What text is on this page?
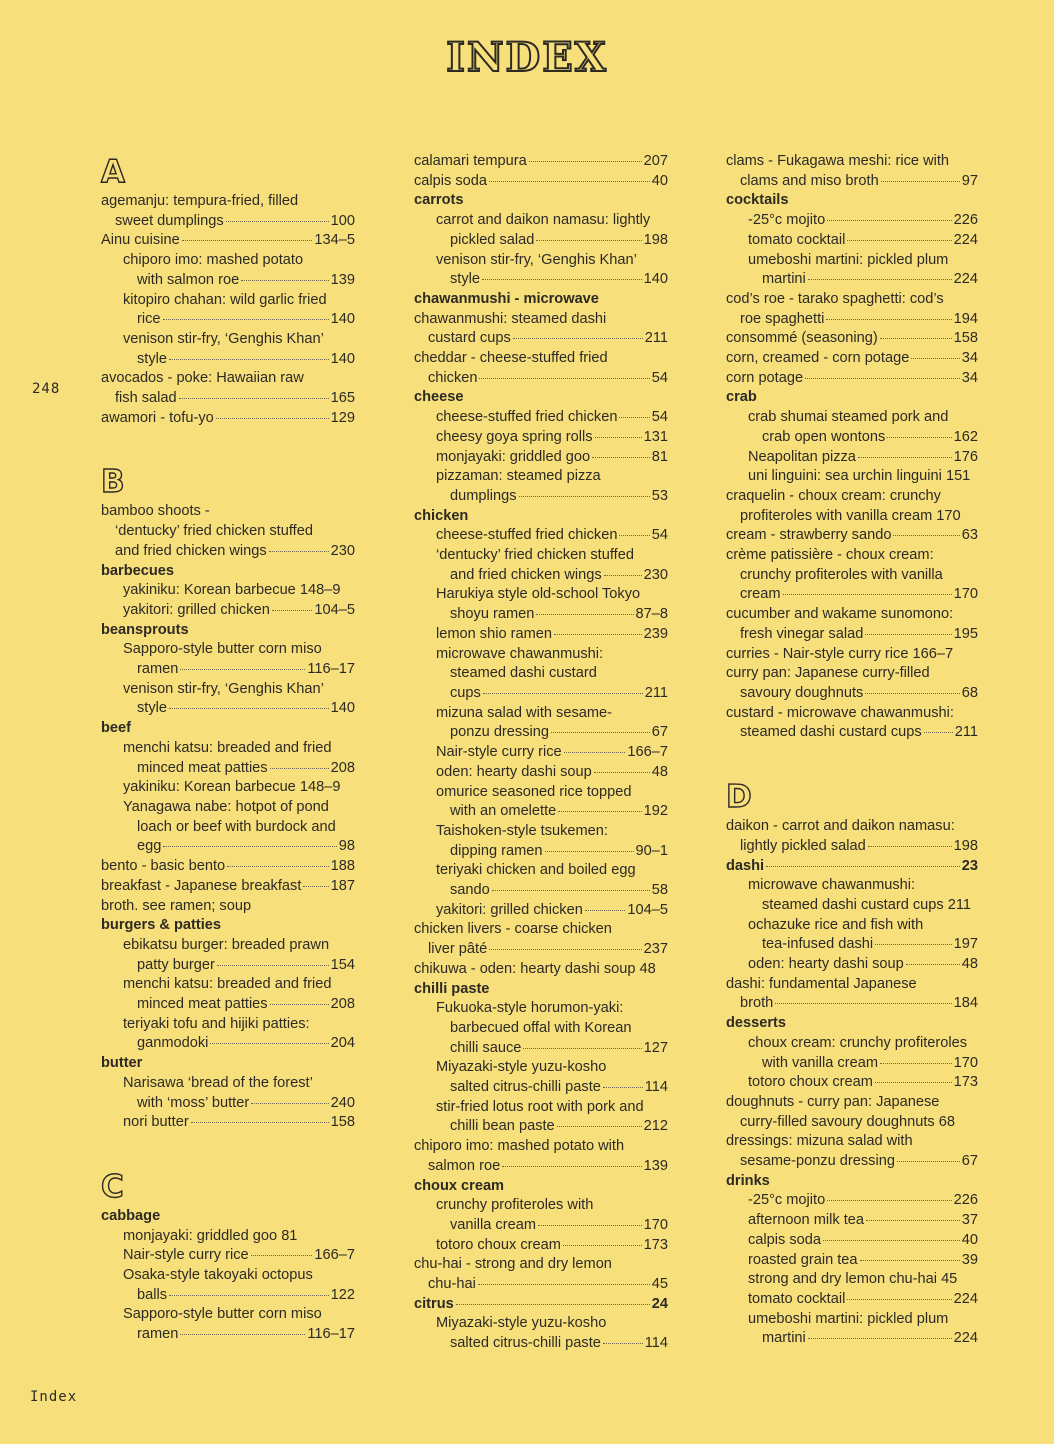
INDEX
248
Index
A
agemanju: tempura-fried, filled
sweet dumplings	100
Ainu cuisine	134–5
chiporo imo: mashed potato
with salmon roe	139
kitopiro chahan: wild garlic fried
rice	140
venison stir-fry, ‘Genghis Khan’
style	140
avocados - poke: Hawaiian raw
fish salad	165
awamori - tofu-yo	129
B
bamboo shoots -
‘dentucky’ fried chicken stuffed
and fried chicken wings	230
barbecues
yakiniku: Korean barbecue 148–9
yakitori: grilled chicken	104–5
beansprouts
Sapporo-style butter corn miso
ramen	116–17
venison stir-fry, ‘Genghis Khan’
style	140
beef
menchi katsu: breaded and fried
minced meat patties	208
yakiniku: Korean barbecue 148–9
Yanagawa nabe: hotpot of pond
loach or beef with burdock and
egg	98
bento - basic bento	188
breakfast - Japanese breakfast 187
broth. see ramen; soup
burgers & patties
ebikatsu burger: breaded prawn
patty burger	154
menchi katsu: breaded and fried
minced meat patties	208
teriyaki tofu and hijiki patties:
ganmodoki	204
butter
Narisawa ‘bread of the forest’
with ‘moss’ butter	240
nori butter	158
C
cabbage
monjayaki: griddled goo 81
Nair-style curry rice	166–7
Osaka-style takoyaki octopus
balls	122
Sapporo-style butter corn miso
ramen	116–17
calamari tempura	207
calpis soda	40
carrots
carrot and daikon namasu: lightly
pickled salad	198
venison stir-fry, ‘Genghis Khan’
style	140
chawanmushi - microwave
chawanmushi: steamed dashi
custard cups	211
cheddar - cheese-stuffed fried
chicken	54
cheese
cheese-stuffed fried chicken 54
cheesy goya spring rolls	131
monjayaki: griddled goo	81
pizzaman: steamed pizza
dumplings	53
chicken
cheese-stuffed fried chicken 54
‘dentucky’ fried chicken stuffed
and fried chicken wings	230
Harukiya style old-school Tokyo
shoyu ramen	87–8
lemon shio ramen	239
microwave chawanmushi:
steamed dashi custard
cups	211
mizuna salad with sesame-
ponzu dressing	67
Nair-style curry rice	166–7
oden: hearty dashi soup	48
omurice seasoned rice topped
with an omelette	192
Taishoken-style tsukemen:
dipping ramen	90–1
teriyaki chicken and boiled egg
sando	58
yakitori: grilled chicken	104–5
chicken livers - coarse chicken
liver pâté	237
chikuwa - oden: hearty dashi soup 48
chilli paste
Fukuoka-style horumon-yaki:
barbecued offal with Korean
chilli sauce	127
Miyazaki-style yuzu-kosho
salted citrus-chilli paste	114
stir-fried lotus root with pork and
chilli bean paste	212
chiporo imo: mashed potato with
salmon roe	139
choux cream
crunchy profiteroles with
vanilla cream	170
totoro choux cream	173
chu-hai - strong and dry lemon
chu-hai	45
citrus	24
Miyazaki-style yuzu-kosho
salted citrus-chilli paste	114
clams - Fukagawa meshi: rice with
clams and miso broth	97
cocktails
-25°c mojito	226
tomato cocktail	224
umeboshi martini: pickled plum
martini	224
cod’s roe - tarako spaghetti: cod’s
roe spaghetti	194
consommé (seasoning)	158
corn, creamed - corn potage	34
corn potage	34
crab
crab shumai steamed pork and
crab open wontons	162
Neapolitan pizza	176
uni linguini: sea urchin linguini 151
craquelin - choux cream: crunchy
profiteroles with vanilla cream 170
cream - strawberry sando	63
crème patissière - choux cream:
crunchy profiteroles with vanilla
cream	170
cucumber and wakame sunomono:
fresh vinegar salad	195
curries - Nair-style curry rice 166–7
curry pan: Japanese curry-filled
savoury doughnuts	68
custard - microwave chawanmushi:
steamed dashi custard cups 211
D
daikon - carrot and daikon namasu:
lightly pickled salad	198
dashi	23
microwave chawanmushi:
steamed dashi custard cups 211
ochazuke rice and fish with
tea-infused dashi	197
oden: hearty dashi soup	48
dashi: fundamental Japanese
broth	184
desserts
choux cream: crunchy profiteroles
with vanilla cream	170
totoro choux cream	173
doughnuts - curry pan: Japanese
curry-filled savoury doughnuts 68
dressings: mizuna salad with
sesame-ponzu dressing	67
drinks
-25°c mojito	226
afternoon milk tea	37
calpis soda	40
roasted grain tea	39
strong and dry lemon chu-hai 45
tomato cocktail	224
umeboshi martini: pickled plum
martini	224
